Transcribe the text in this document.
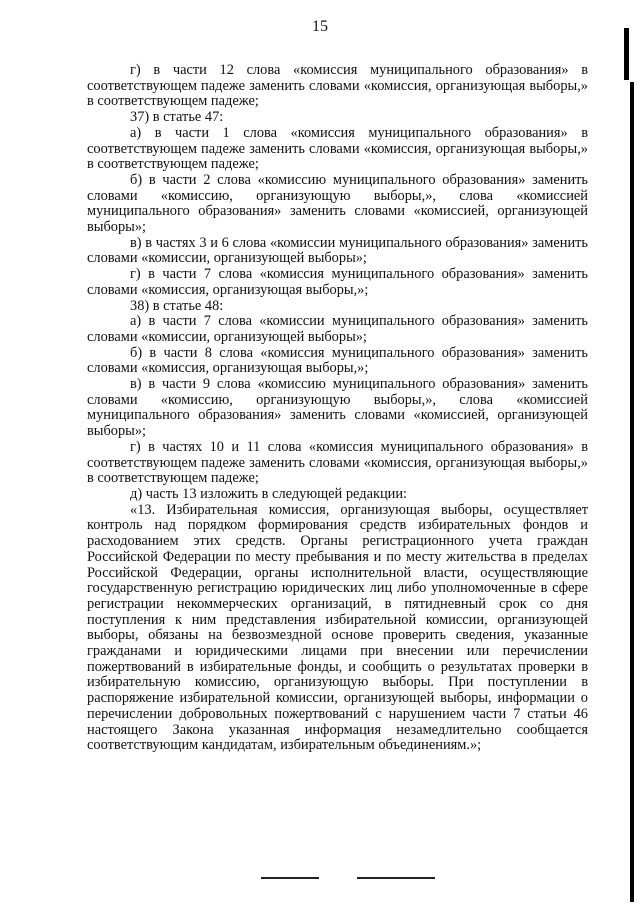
15

г) в части 12 слова «комиссия муниципального образования» в соответствующем падеже заменить словами «комиссия, организующая выборы,» в соответствующем падеже;

37) в статье 47:

а) в части 1 слова «комиссия муниципального образования» в соответствующем падеже заменить словами «комиссия, организующая выборы,» в соответствующем падеже;

б) в части 2 слова «комиссию муниципального образования» заменить словами «комиссию, организующую выборы,», слова «комиссией муниципального образования» заменить словами «комиссией, организующей выборы»;

в) в частях 3 и 6 слова «комиссии муниципального образования» заменить словами «комиссии, организующей выборы»;

г) в части 7 слова «комиссия муниципального образования» заменить словами «комиссия, организующая выборы,»;

38) в статье 48:

а) в части 7 слова «комиссии муниципального образования» заменить словами «комиссии, организующей выборы»;

б) в части 8 слова «комиссия муниципального образования» заменить словами «комиссия, организующая выборы,»;

в) в части 9 слова «комиссию муниципального образования» заменить словами «комиссию, организующую выборы,», слова «комиссией муниципального образования» заменить словами «комиссией, организующей выборы»;

г) в частях 10 и 11 слова «комиссия муниципального образования» в соответствующем падеже заменить словами «комиссия, организующая выборы,» в соответствующем падеже;

д) часть 13 изложить в следующей редакции:

«13. Избирательная комиссия, организующая выборы, осуществляет контроль над порядком формирования средств избирательных фондов и расходованием этих средств. Органы регистрационного учета граждан Российской Федерации по месту пребывания и по месту жительства в пределах Российской Федерации, органы исполнительной власти, осуществляющие государственную регистрацию юридических лиц либо уполномоченные в сфере регистрации некоммерческих организаций, в пятидневный срок со дня поступления к ним представления избирательной комиссии, организующей выборы, обязаны на безвозмездной основе проверить сведения, указанные гражданами и юридическими лицами при внесении или перечислении пожертвований в избирательные фонды, и сообщить о результатах проверки в избирательную комиссию, организующую выборы. При поступлении в распоряжение избирательной комиссии, организующей выборы, информации о перечислении добровольных пожертвований с нарушением части 7 статьи 46 настоящего Закона указанная информация незамедлительно сообщается соответствующим кандидатам, избирательным объединениям.»;
